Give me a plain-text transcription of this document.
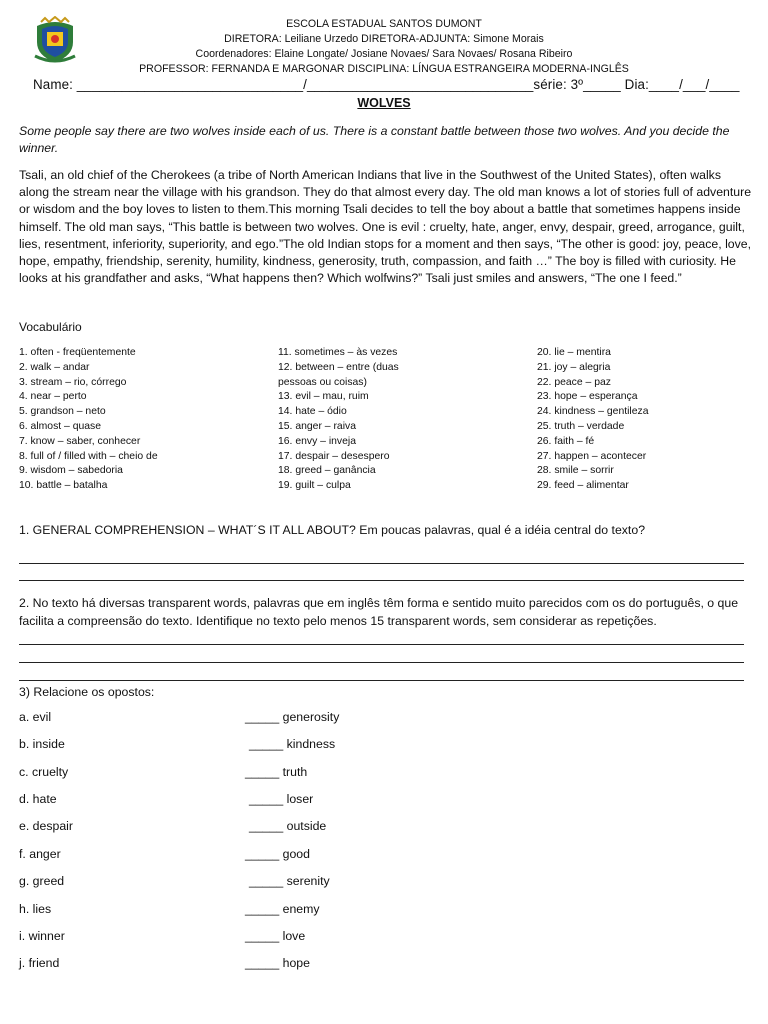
ESCOLA ESTADUAL SANTOS DUMONT
DIRETORA: Leiliane Urzedo DIRETORA-ADJUNTA: Simone Morais
Coordenadores: Elaine Longate/ Josiane Novaes/ Sara Novaes/ Rosana Ribeiro
PROFESSOR: FERNANDA E MARGONAR DISCIPLINA: LÍNGUA ESTRANGEIRA MODERNA-INGLÊS
Name: ______________________________/______________________________série: 3º_____ Dia:____/___/____
WOLVES
Some people say there are two wolves inside each of us. There is a constant battle between those two wolves. And you decide the winner.
Tsali, an old chief of the Cherokees (a tribe of North American Indians that live in the Southwest of the United States), often walks along the stream near the village with his grandson. They do that almost every day. The old man knows a lot of stories full of adventure or wisdom and the boy loves to listen to them.This morning Tsali decides to tell the boy about a battle that sometimes happens inside himself. The old man says, “This battle is between two wolves. One is evil : cruelty, hate, anger, envy, despair, greed, arrogance, guilt, lies, resentment, inferiority, superiority, and ego.”The old Indian stops for a moment and then says, “The other is good: joy, peace, love, hope, empathy, friendship, serenity, humility, kindness, generosity, truth, compassion, and faith …” The boy is filled with curiosity. He looks at his grandfather and asks, “What happens then? Which wolfwins?” Tsali just smiles and answers, “The one I feed.”
Vocabulário
1. often - freqüentemente
2. walk – andar
3. stream – rio, córrego
4. near – perto
5. grandson – neto
6. almost – quase
7. know – saber, conhecer
8. full of / filled with – cheio de
9. wisdom – sabedoria
10. battle – batalha
11. sometimes – às vezes
12. between – entre (duas
pessoas ou coisas)
13. evil – mau, ruim
14. hate – ódio
15. anger – raiva
16. envy – inveja
17. despair – desespero
18. greed – ganância
19. guilt – culpa
20. lie – mentira
21. joy – alegria
22. peace – paz
23. hope – esperança
24. kindness – gentileza
25. truth – verdade
26. faith – fé
27. happen – acontecer
28. smile – sorrir
29. feed – alimentar
1. GENERAL COMPREHENSION – WHAT´S IT ALL ABOUT? Em poucas palavras, qual é a idéia central do texto?
2. No texto há diversas transparent words, palavras que em inglês têm forma e sentido muito parecidos com os do português, o que facilita a compreensão do texto. Identifique no texto pelo menos 15 transparent words, sem considerar as repetições.
3) Relacione os opostos:
a. evil	_____ generosity
b. inside	_____ kindness
c. cruelty	_____ truth
d. hate	_____ loser
e. despair	_____ outside
f. anger	_____ good
g. greed	_____ serenity
h. lies	_____ enemy
i. winner	_____ love
j. friend	_____ hope
